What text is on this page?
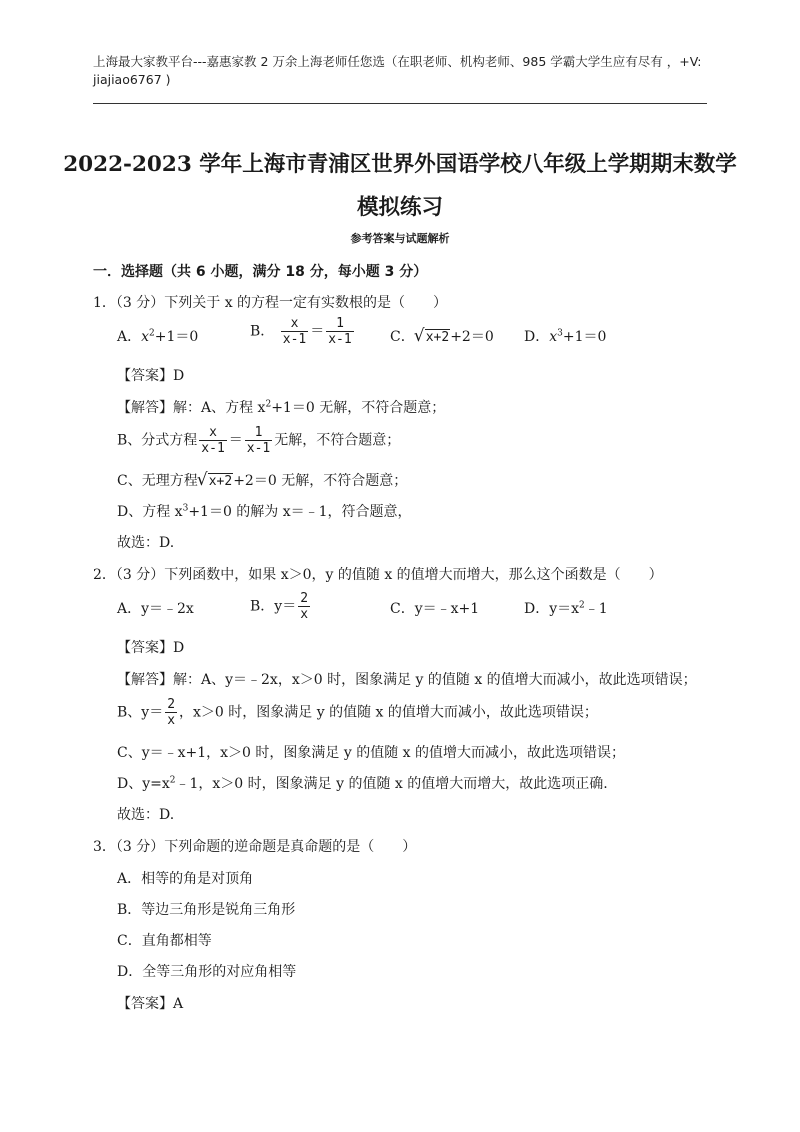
上海最大家教平台---嘉惠家教 2 万余上海老师任您选（在职老师、机构老师、985 学霸大学生应有尽有 ，+V:
jiajiao6767 )
2022-2023 学年上海市青浦区世界外国语学校八年级上学期期末数学
模拟练习
参考答案与试题解析
一．选择题（共 6 小题，满分 18 分，每小题 3 分）
1．（3 分）下列关于 x 的方程一定有实数根的是（　　）
A．$x^2+1=0$	B． $\frac{x}{x-1} = \frac{1}{x-1}$	C． √ x+2+2＝0 D．$x^3+1=0$
【答案】D
【解答】解：A、方程 $x^2+1=0$ 无解，不符合题意；
B、分式方程 $\frac{x}{x-1} = \frac{1}{x-1}$ 无解，不符合题意；
C、无理方程 √ x+2+2＝0 无解，不符合题意；
D、方程 $x^3+1=0$ 的解为 x＝﹣1，符合题意，
故选：D.
2．（3 分）下列函数中，如果 x＞0，y 的值随 x 的值增大而增大，那么这个函数是（　　）
A．y＝﹣2x	B．$y= \frac{2}{x}$	C．y＝﹣x+1	D．$y=x^2﹣1$
【答案】D
【解答】解：A、y＝﹣2x，x＞0 时，图象满足 y 的值随 x 的值增大而减小，故此选项错误；
B、$y= \frac{2}{x}$ ，x＞0 时，图象满足 y 的值随 x 的值增大而减小，故此选项错误；
C、y＝﹣x+1，x＞0 时，图象满足 y 的值随 x 的值增大而减小，故此选项错误；
D、$y=x^2﹣1$，x＞0 时，图象满足 y 的值随 x 的值增大而增大，故此选项正确.
故选：D.
3．（3 分）下列命题的逆命题是真命题的是（　　）
A．相等的角是对顶角
B．等边三角形是锐角三角形
C．直角都相等
D．全等三角形的对应角相等
【答案】A
